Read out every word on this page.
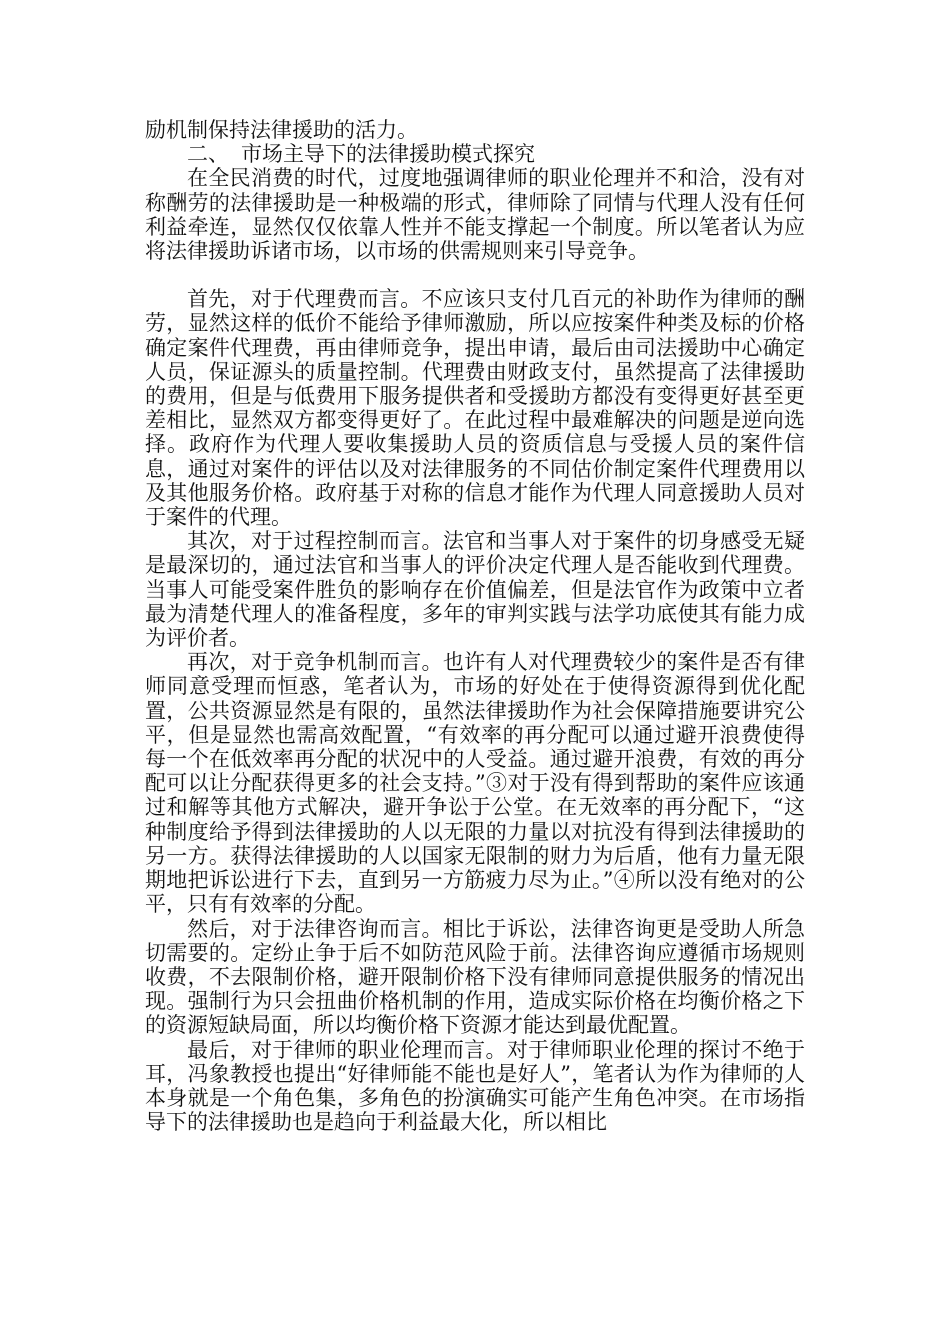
励机制保持法律援助的活力。

二、 市场主导下的法律援助模式探究

在全民消费的时代，过度地强调律师的职业伦理并不和洽，没有对称酬劳的法律援助是一种极端的形式，律师除了同情与代理人没有任何利益牵连，显然仅仅依靠人性并不能支撑起一个制度。所以笔者认为应将法律援助诉诸市场，以市场的供需规则来引导竞争。

首先，对于代理费而言。不应该只支付几百元的补助作为律师的酬劳，显然这样的低价不能给予律师激励，所以应按案件种类及标的价格确定案件代理费，再由律师竞争，提出申请，最后由司法援助中心确定人员，保证源头的质量控制。代理费由财政支付，虽然提高了法律援助的费用，但是与低费用下服务提供者和受援助方都没有变得更好甚至更差相比，显然双方都变得更好了。在此过程中最难解决的问题是逆向选择。政府作为代理人要收集援助人员的资质信息与受援人员的案件信息，通过对案件的评估以及对法律服务的不同估价制定案件代理费用以及其他服务价格。政府基于对称的信息才能作为代理人同意援助人员对于案件的代理。

其次，对于过程控制而言。法官和当事人对于案件的切身感受无疑是最深切的，通过法官和当事人的评价决定代理人是否能收到代理费。当事人可能受案件胜负的影响存在价值偏差，但是法官作为政策中立者最为清楚代理人的准备程度，多年的审判实践与法学功底使其有能力成为评价者。

再次，对于竞争机制而言。也许有人对代理费较少的案件是否有律师同意受理而恒惑，笔者认为，市场的好处在于使得资源得到优化配置，公共资源显然是有限的，虽然法律援助作为社会保障措施要讲究公平，但是显然也需高效配置，“有效率的再分配可以通过避开浪费使得每一个在低效率再分配的状况中的人受益。通过避开浪费，有效的再分配可以让分配获得更多的社会支持。”③对于没有得到帮助的案件应该通过和解等其他方式解决，避开争讼于公堂。在无效率的再分配下，“这种制度给予得到法律援助的人以无限的力量以对抗没有得到法律援助的另一方。获得法律援助的人以国家无限制的财力为后盾，他有力量无限期地把诉讼进行下去，直到另一方筋疲力尽为止。”④所以没有绝对的公平，只有有效率的分配。

然后，对于法律咨询而言。相比于诉讼，法律咨询更是受助人所急切需要的。定纷止争于后不如防范风险于前。法律咨询应遵循市场规则收费，不去限制价格，避开限制价格下没有律师同意提供服务的情况出现。强制行为只会扭曲价格机制的作用，造成实际价格在均衡价格之下的资源短缺局面，所以均衡价格下资源才能达到最优配置。

最后，对于律师的职业伦理而言。对于律师职业伦理的探讨不绝于耳，冯象教授也提出“好律师能不能也是好人”，笔者认为作为律师的人本身就是一个角色集，多角色的扮演确实可能产生角色冲突。在市场指导下的法律援助也是趋向于利益最大化，所以相比
